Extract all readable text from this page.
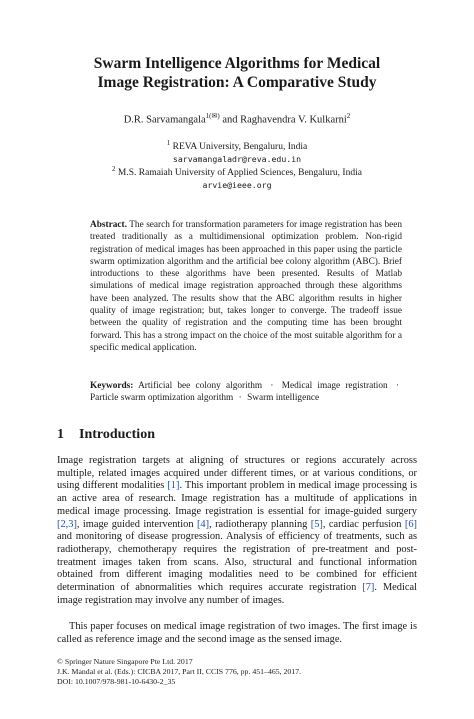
Swarm Intelligence Algorithms for Medical
Image Registration: A Comparative Study
D.R. Sarvamangala$^{1(✉)}$ and Raghavendra V. Kulkarni$^2$
$^1$ REVA University, Bengaluru, India
sarvamangaladr@reva.edu.in
$^2$ M.S. Ramaiah University of Applied Sciences, Bengaluru, India
arvie@ieee.org
Abstract. The search for transformation parameters for image registration has been treated traditionally as a multidimensional optimization problem. Non-rigid registration of medical images has been approached in this paper using the particle swarm optimization algorithm and the artificial bee colony algorithm (ABC). Brief introductions to these algorithms have been presented. Results of Matlab simulations of medical image registration approached through these algorithms have been analyzed. The results show that the ABC algorithm results in higher quality of image registration; but, takes longer to converge. The tradeoff issue between the quality of registration and the computing time has been brought forward. This has a strong impact on the choice of the most suitable algorithm for a specific medical application.
Keywords: Artificial bee colony algorithm · Medical image registration · Particle swarm optimization algorithm · Swarm intelligence
1 Introduction
Image registration targets at aligning of structures or regions accurately across multiple, related images acquired under different times, or at various conditions, or using different modalities [1]. This important problem in medical image processing is an active area of research. Image registration has a multitude of applications in medical image processing. Image registration is essential for image-guided surgery [2,3], image guided intervention [4], radiotherapy planning [5], cardiac perfusion [6] and monitoring of disease progression. Analysis of efficiency of treatments, such as radiotherapy, chemotherapy requires the registration of pre-treatment and post-treatment images taken from scans. Also, structural and functional information obtained from different imaging modalities need to be combined for efficient determination of abnormalities which requires accurate registration [7]. Medical image registration may involve any number of images.
This paper focuses on medical image registration of two images. The first image is called as reference image and the second image as the sensed image.
© Springer Nature Singapore Pte Ltd. 2017
J.K. Mandal et al. (Eds.): CICBA 2017, Part II, CCIS 776, pp. 451–465, 2017.
DOI: 10.1007/978-981-10-6430-2_35
